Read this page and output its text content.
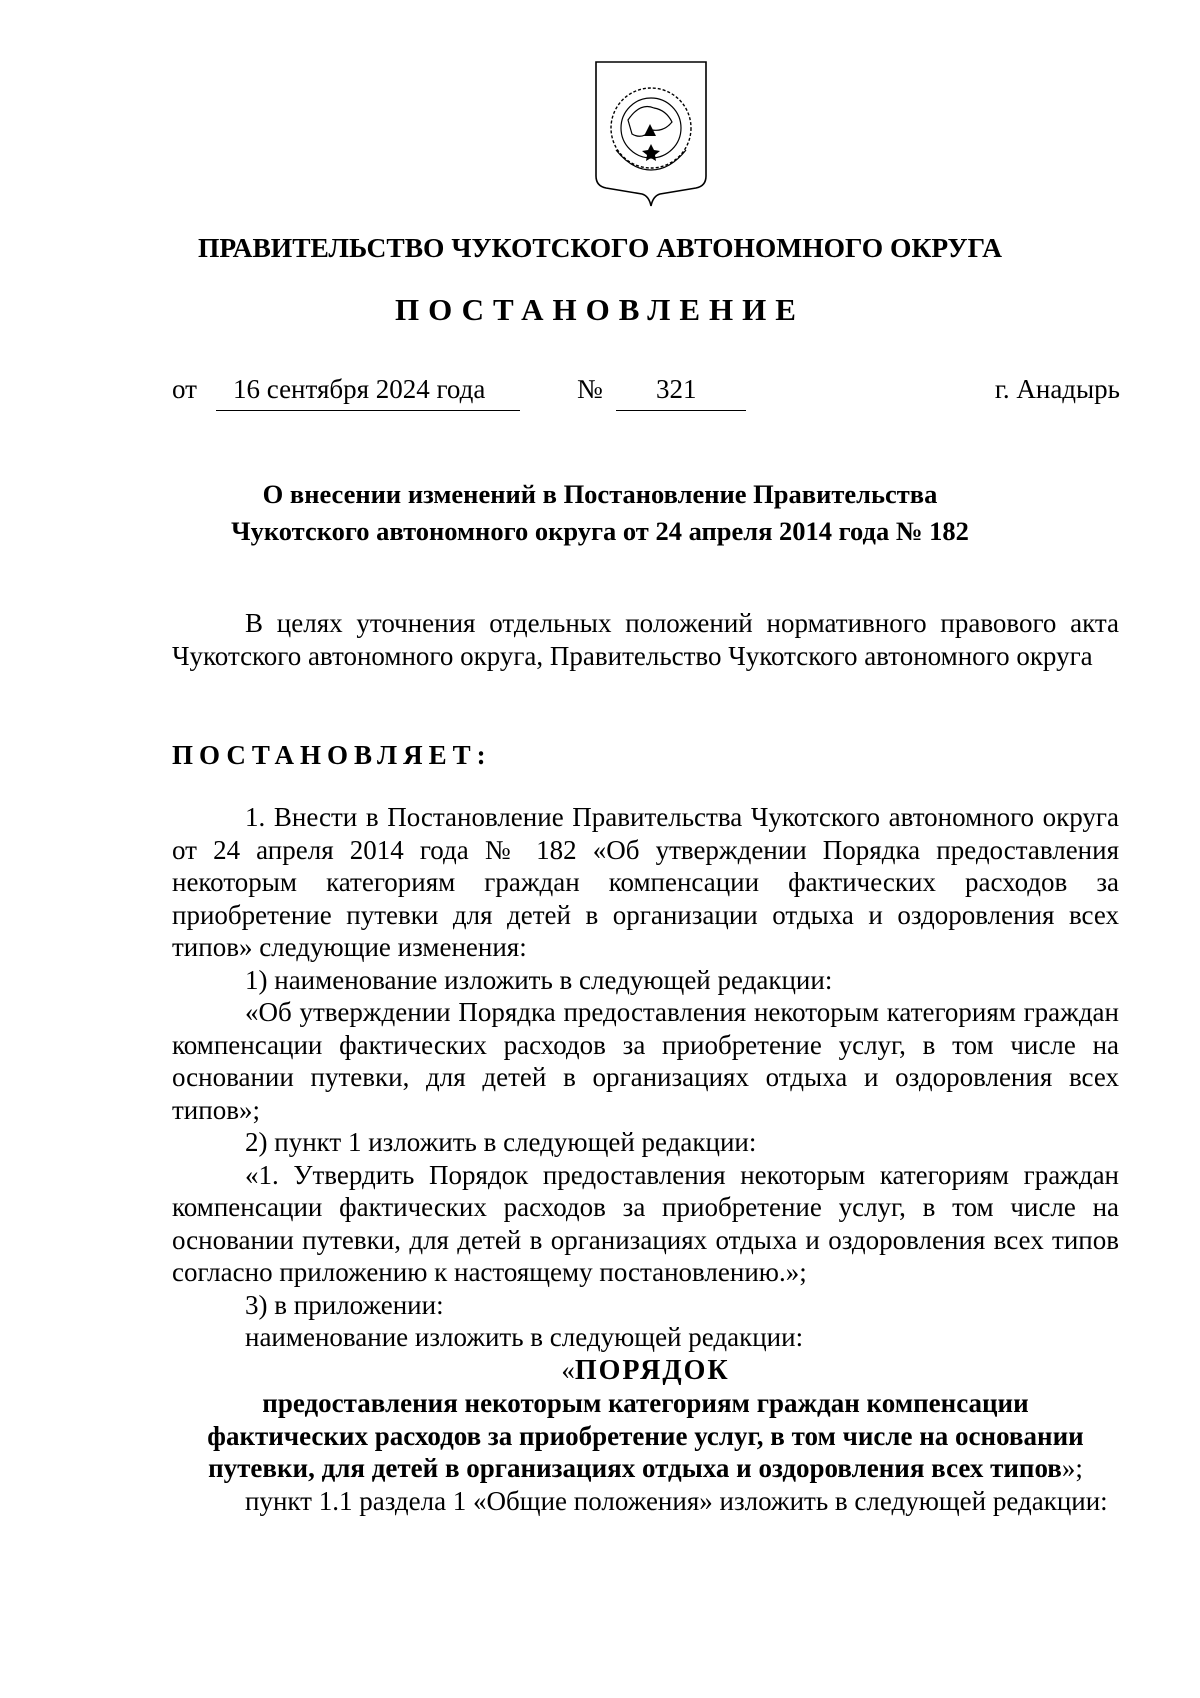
ПРАВИТЕЛЬСТВО ЧУКОТСКОГО АВТОНОМНОГО ОКРУГА
ПОСТАНОВЛЕНИЕ
от 16 сентября 2024 года	№ 321	г. Анадырь
О внесении изменений в Постановление Правительства
Чукотского автономного округа от 24 апреля 2014 года № 182

В целях уточнения отдельных положений нормативного правового акта Чукотского автономного округа, Правительство Чукотского автономного округа

ПОСТАНОВЛЯЕТ:

1. Внести в Постановление Правительства Чукотского автономного округа от 24 апреля 2014 года № 182 «Об утверждении Порядка предоставления некоторым категориям граждан компенсации фактических расходов за приобретение путевки для детей в организации отдыха и оздоровления всех типов» следующие изменения:

1) наименование изложить в следующей редакции:

«Об утверждении Порядка предоставления некоторым категориям граждан компенсации фактических расходов за приобретение услуг, в том числе на основании путевки, для детей в организациях отдыха и оздоровления всех типов»;

2) пункт 1 изложить в следующей редакции:

«1. Утвердить Порядок предоставления некоторым категориям граждан компенсации фактических расходов за приобретение услуг, в том числе на основании путевки, для детей в организациях отдыха и оздоровления всех типов согласно приложению к настоящему постановлению.»;

3) в приложении:

наименование изложить в следующей редакции:

«ПОРЯДОК
предоставления некоторым категориям граждан компенсации
фактических расходов за приобретение услуг, в том числе на основании
путевки, для детей в организациях отдыха и оздоровления всех типов»;

пункт 1.1 раздела 1 «Общие положения» изложить в следующей редакции:
